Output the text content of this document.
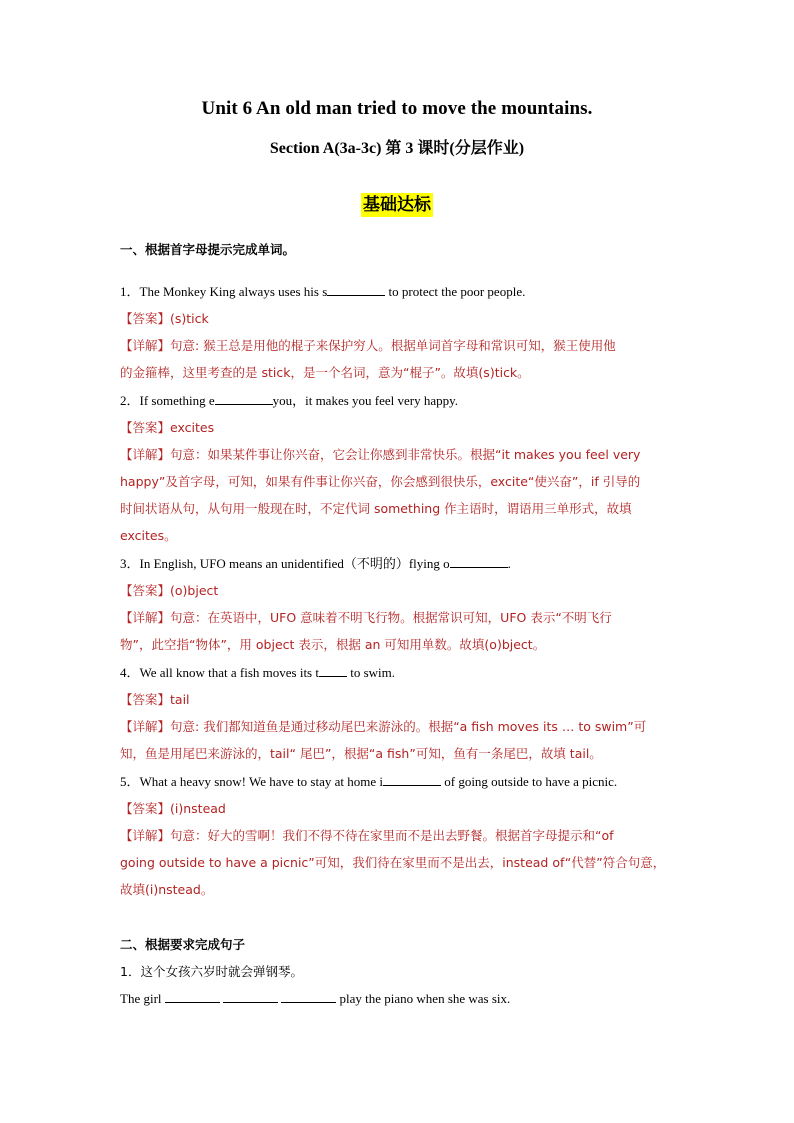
Unit 6 An old man tried to move the mountains.
Section A(3a-3c) 第 3 课时(分层作业)
基础达标
一、根据首字母提示完成单词。
1．The Monkey King always uses his s	to protect the poor people.
【答案】(s)tick
【详解】句意: 猴王总是用他的棍子来保护穷人。根据单词首字母和常识可知，猴王使用他
的金箍棒，这里考查的是 stick，是一个名词，意为“棍子”。故填(s)tick。
2．If something e	you，it makes you feel very happy.
【答案】excites
【详解】句意：如果某件事让你兴奋，它会让你感到非常快乐。根据“it makes you feel very
happy”及首字母，可知，如果有件事让你兴奋，你会感到很快乐，excite“使兴奋”，if 引导的
时间状语从句，从句用一般现在时，不定代词 something 作主语时，谓语用三单形式，故填
excites。
3．In English, UFO means an unidentified（不明的）flying o	.
【答案】(o)bject
【详解】句意：在英语中，UFO 意味着不明飞行物。根据常识可知，UFO 表示“不明飞行
物”，此空指“物体”，用 object 表示，根据 an 可知用单数。故填(o)bject。
4．We all know that a fish moves its t to swim.
【答案】tail
【详解】句意: 我们都知道鱼是通过移动尾巴来游泳的。根据“a fish moves its … to swim”可
知，鱼是用尾巴来游泳的，tail“ 尾巴”，根据“a fish”可知，鱼有一条尾巴，故填 tail。
5．What a heavy snow! We have to stay at home i	of going outside to have a picnic.
【答案】(i)nstead
【详解】句意：好大的雪啊！我们不得不待在家里而不是出去野餐。根据首字母提示和“of
going outside to have a picnic”可知，我们待在家里而不是出去，instead of“代替”符合句意，
故填(i)nstead。
二、根据要求完成句子
1．这个女孩六岁时就会弹钢琴。
The girl	play the piano when she was six.
